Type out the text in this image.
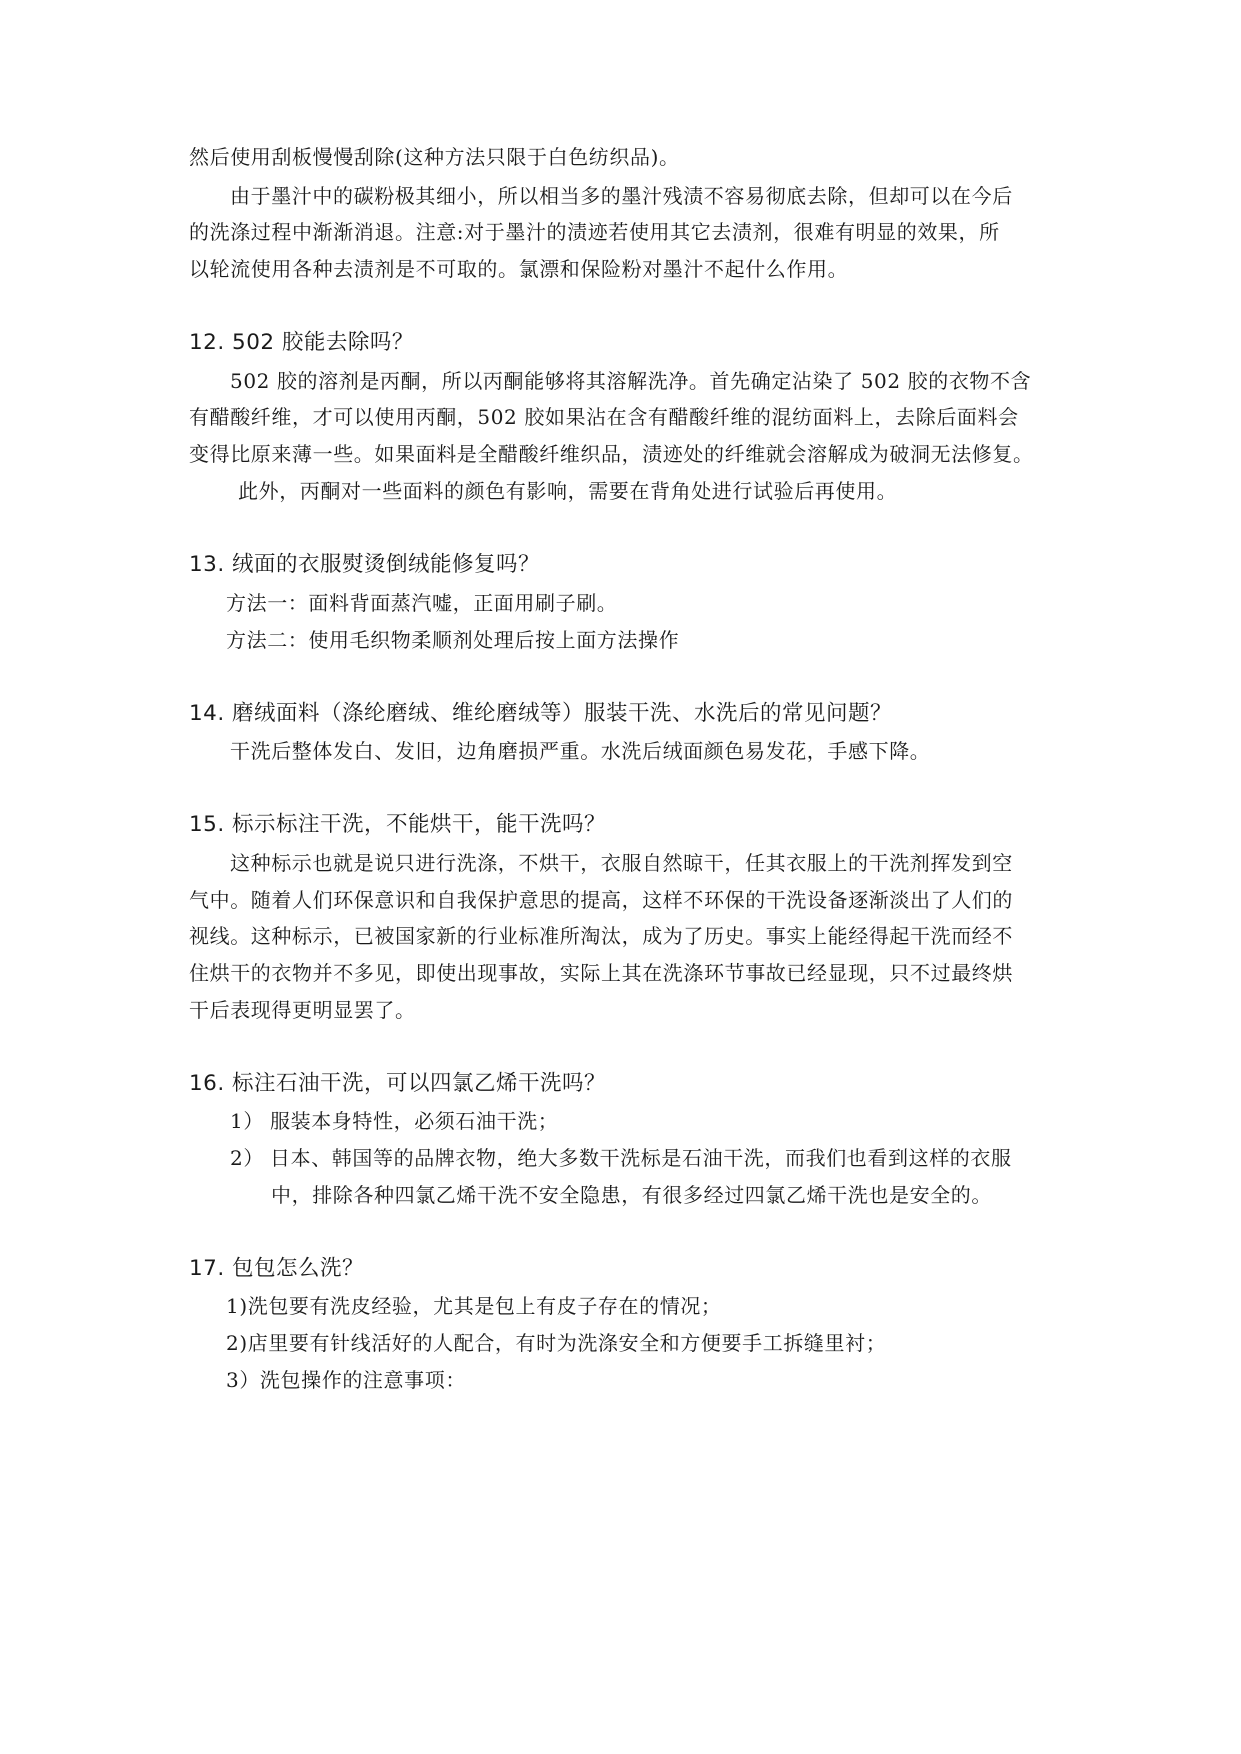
然后使用刮板慢慢刮除(这种方法只限于白色纺织品)。
由于墨汁中的碳粉极其细小，所以相当多的墨汁残渍不容易彻底去除，但却可以在今后
的洗涤过程中渐渐消退。注意:对于墨汁的渍迹若使用其它去渍剂，很难有明显的效果，所
以轮流使用各种去渍剂是不可取的。氯漂和保险粉对墨汁不起什么作用。
12. 502 胶能去除吗？
502 胶的溶剂是丙酮，所以丙酮能够将其溶解洗净。首先确定沾染了 502 胶的衣物不含
有醋酸纤维，才可以使用丙酮，502 胶如果沾在含有醋酸纤维的混纺面料上，去除后面料会
变得比原来薄一些。如果面料是全醋酸纤维织品，渍迹处的纤维就会溶解成为破洞无法修复。
此外，丙酮对一些面料的颜色有影响，需要在背角处进行试验后再使用。
13. 绒面的衣服熨烫倒绒能修复吗？
方法一：面料背面蒸汽嘘，正面用刷子刷。
方法二：使用毛织物柔顺剂处理后按上面方法操作
14. 磨绒面料（涤纶磨绒、维纶磨绒等）服装干洗、水洗后的常见问题？
干洗后整体发白、发旧，边角磨损严重。水洗后绒面颜色易发花，手感下降。
15. 标示标注干洗，不能烘干，能干洗吗？
这种标示也就是说只进行洗涤，不烘干，衣服自然晾干，任其衣服上的干洗剂挥发到空
气中。随着人们环保意识和自我保护意思的提高，这样不环保的干洗设备逐渐淡出了人们的
视线。这种标示，已被国家新的行业标准所淘汰，成为了历史。事实上能经得起干洗而经不
住烘干的衣物并不多见，即使出现事故，实际上其在洗涤环节事故已经显现，只不过最终烘
干后表现得更明显罢了。
16. 标注石油干洗，可以四氯乙烯干洗吗？
1） 服装本身特性，必须石油干洗；
2） 日本、韩国等的品牌衣物，绝大多数干洗标是石油干洗，而我们也看到这样的衣服
中，排除各种四氯乙烯干洗不安全隐患，有很多经过四氯乙烯干洗也是安全的。
17. 包包怎么洗？
1)洗包要有洗皮经验，尤其是包上有皮子存在的情况；
2)店里要有针线活好的人配合，有时为洗涤安全和方便要手工拆缝里衬；
3）洗包操作的注意事项：
